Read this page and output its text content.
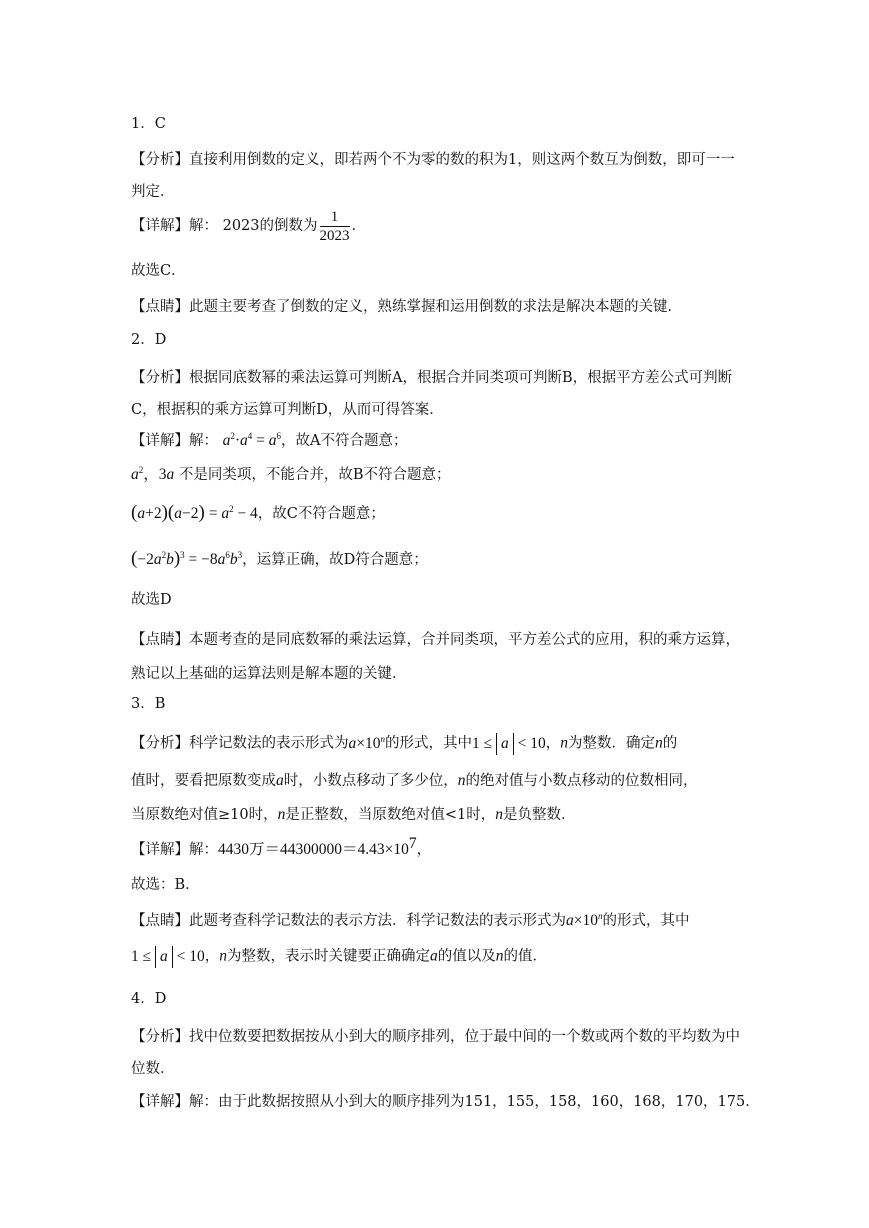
1．C
【分析】直接利用倒数的定义，即若两个不为零的数的积为1，则这两个数互为倒数，即可一一判定．
【详解】解： 2023的倒数为 $\frac{1}{2023}$ ．
故选C．
【点睛】此题主要考查了倒数的定义，熟练掌握和运用倒数的求法是解决本题的关键．
2．D
【分析】根据同底数幂的乘法运算可判断A，根据合并同类项可判断B，根据平方差公式可判断C，根据积的乘方运算可判断D，从而可得答案．
【详解】解： $a^2\cdot a^4 = a^6$，故A不符合题意；
$a^2$，3a 不是同类项，不能合并，故B不符合题意；
$(a+2)(a-2) = a^2 - 4$，故C不符合题意；
$(-2a^2b)^3 = -8a^6b^3$，运算正确，故D符合题意；
故选D
【点睛】本题考查的是同底数幂的乘法运算，合并同类项，平方差公式的应用，积的乘方运算，熟记以上基础的运算法则是解本题的关键．
3．B
【分析】科学记数法的表示形式为$a\times 10^n$的形式，其中1 ≤ a < 10，n为整数．确定n的
值时，要看把原数变成a时，小数点移动了多少位，n的绝对值与小数点移动的位数相同，
当原数绝对值≥10时，n是正整数，当原数绝对值<1时，n是负整数．
【详解】解：4430万$=44300000=4.43\times 10^7$，
故选：B．
【点睛】此题考查科学记数法的表示方法．科学记数法的表示形式为$a\times 10^n$的形式，其中
1 ≤ a < 10，n为整数，表示时关键要正确确定a的值以及n的值．
4．D
【分析】找中位数要把数据按从小到大的顺序排列，位于最中间的一个数或两个数的平均数为中位数．
【详解】解：由于此数据按照从小到大的顺序排列为151，155，158，160，168，170，175．
